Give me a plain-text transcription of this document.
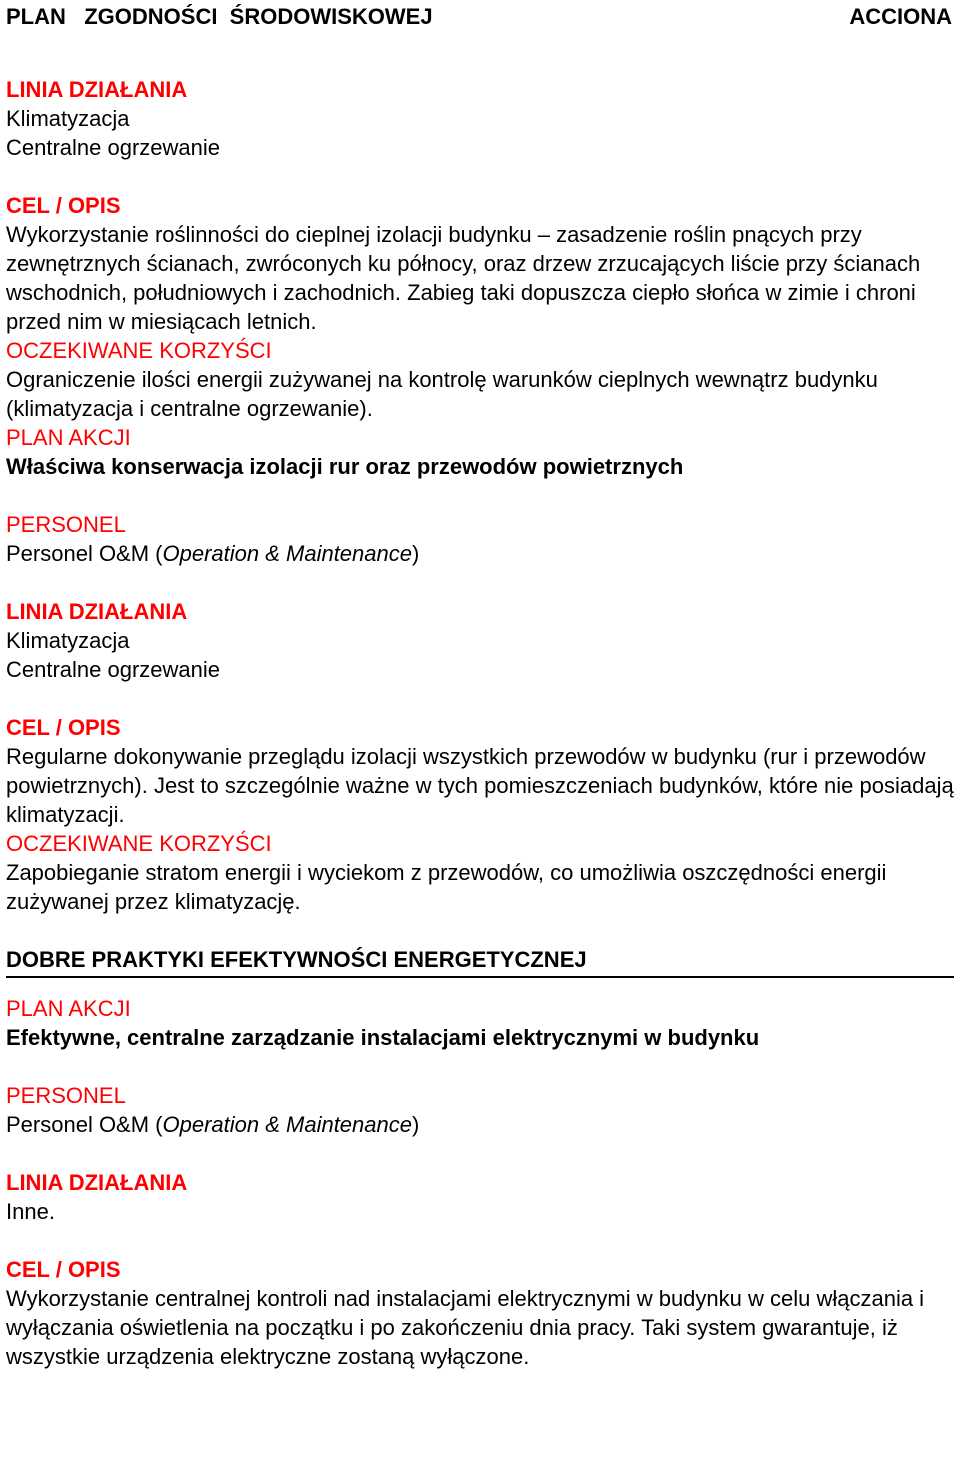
PLAN   ZGODNOŚCI  ŚRODOWISKOWEJ	ACCIONA
LINIA DZIAŁANIA
Klimatyzacja
Centralne ogrzewanie
CEL / OPIS

Wykorzystanie roślinności do cieplnej izolacji budynku – zasadzenie roślin pnących przy zewnętrznych ścianach, zwróconych ku północy, oraz drzew zrzucających liście przy ścianach wschodnich, południowych i zachodnich. Zabieg taki dopuszcza ciepło słońca w zimie i chroni przed nim w miesiącach letnich.

OCZEKIWANE KORZYŚCI

Ograniczenie ilości energii zużywanej na kontrolę warunków cieplnych wewnątrz budynku (klimatyzacja i centralne ogrzewanie).

PLAN AKCJI
Właściwa konserwacja izolacji rur oraz przewodów powietrznych
PERSONEL
Personel O&M (Operation & Maintenance)
LINIA DZIAŁANIA
Klimatyzacja
Centralne ogrzewanie
CEL / OPIS

Regularne dokonywanie przeglądu izolacji wszystkich przewodów w budynku (rur i przewodów powietrznych). Jest to szczególnie ważne w tych pomieszczeniach budynków, które nie posiadają klimatyzacji.

OCZEKIWANE KORZYŚCI

Zapobieganie stratom energii i wyciekom z przewodów, co umożliwia oszczędności energii zużywanej przez klimatyzację.

DOBRE PRAKTYKI EFEKTYWNOŚCI ENERGETYCZNEJ
PLAN AKCJI
Efektywne, centralne zarządzanie instalacjami elektrycznymi w budynku
PERSONEL
Personel O&M (Operation & Maintenance)
LINIA DZIAŁANIA
Inne.
CEL / OPIS

Wykorzystanie centralnej kontroli nad instalacjami elektrycznymi w budynku w celu włączania i wyłączania oświetlenia na początku i po zakończeniu dnia pracy. Taki system gwarantuje, iż wszystkie urządzenia elektryczne zostaną wyłączone.
